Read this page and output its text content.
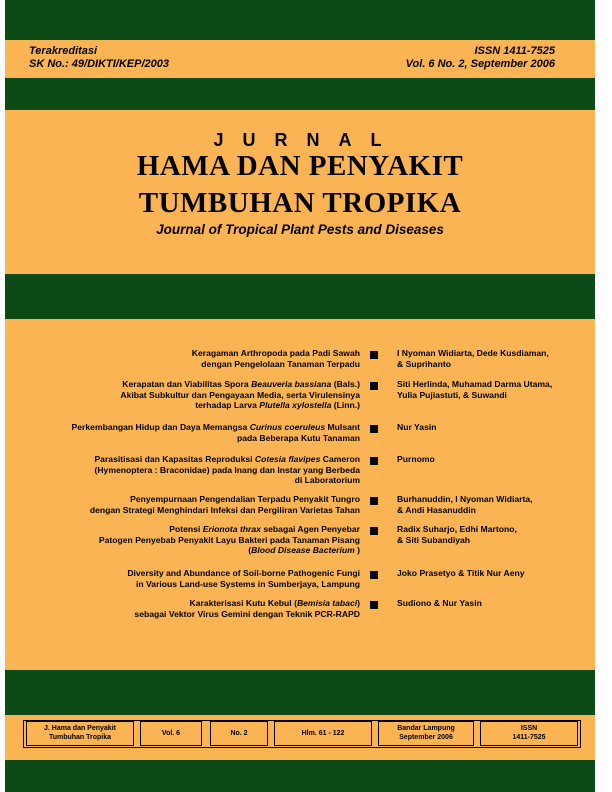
Terakreditasi
SK No.: 49/DIKTI/KEP/2003
ISSN 1411-7525
Vol. 6 No. 2, September 2006
JURNAL
HAMA DAN PENYAKIT
TUMBUHAN TROPIKA
Journal of Tropical Plant Pests and Diseases
Keragaman Arthropoda pada Padi Sawah
dengan Pengelolaan Tanaman Terpadu
I Nyoman Widiarta, Dede Kusdiaman,
& Suprihanto
Kerapatan dan Viabilitas Spora Beauveria bassiana (Bals.)
Akibat Subkultur dan Pengayaan Media, serta Virulensinya
terhadap Larva Plutella xylostella (Linn.)
Siti Herlinda, Muhamad Darma Utama,
Yulia Pujiastuti, & Suwandi
Perkembangan Hidup dan Daya Memangsa Curinus coeruleus Mulsant
pada Beberapa Kutu Tanaman
Nur Yasin
Parasitisasi dan Kapasitas Reproduksi Cotesia flavipes Cameron
(Hymenoptera : Braconidae) pada Inang dan Instar yang Berbeda
di Laboratorium
Purnomo
Penyempurnaan Pengendalian Terpadu Penyakit Tungro
dengan Strategi Menghindari Infeksi dan Pergiliran Varietas Tahan
Burhanuddin, I Nyoman Widiarta,
& Andi Hasanuddin
Potensi Erionota thrax sebagai Agen Penyebar
Patogen Penyebab Penyakit Layu Bakteri pada Tanaman Pisang
(Blood Disease Bacterium )
Radix Suharjo, Edhi Martono,
& Siti Subandiyah
Diversity and Abundance of Soil-borne Pathogenic Fungi
in Various Land-use Systems in Sumberjaya, Lampung
Joko Prasetyo & Titik Nur Aeny
Karakterisasi Kutu Kebul (Bemisia tabaci)
sebagai Vektor Virus Gemini dengan Teknik PCR-RAPD
Sudiono & Nur Yasin
J. Hama dan Penyakit
Tumbuhan Tropika
Vol. 6	No. 2	Hlm. 61 - 122
Bandar Lampung
September 2006
ISSN
1411-7525
